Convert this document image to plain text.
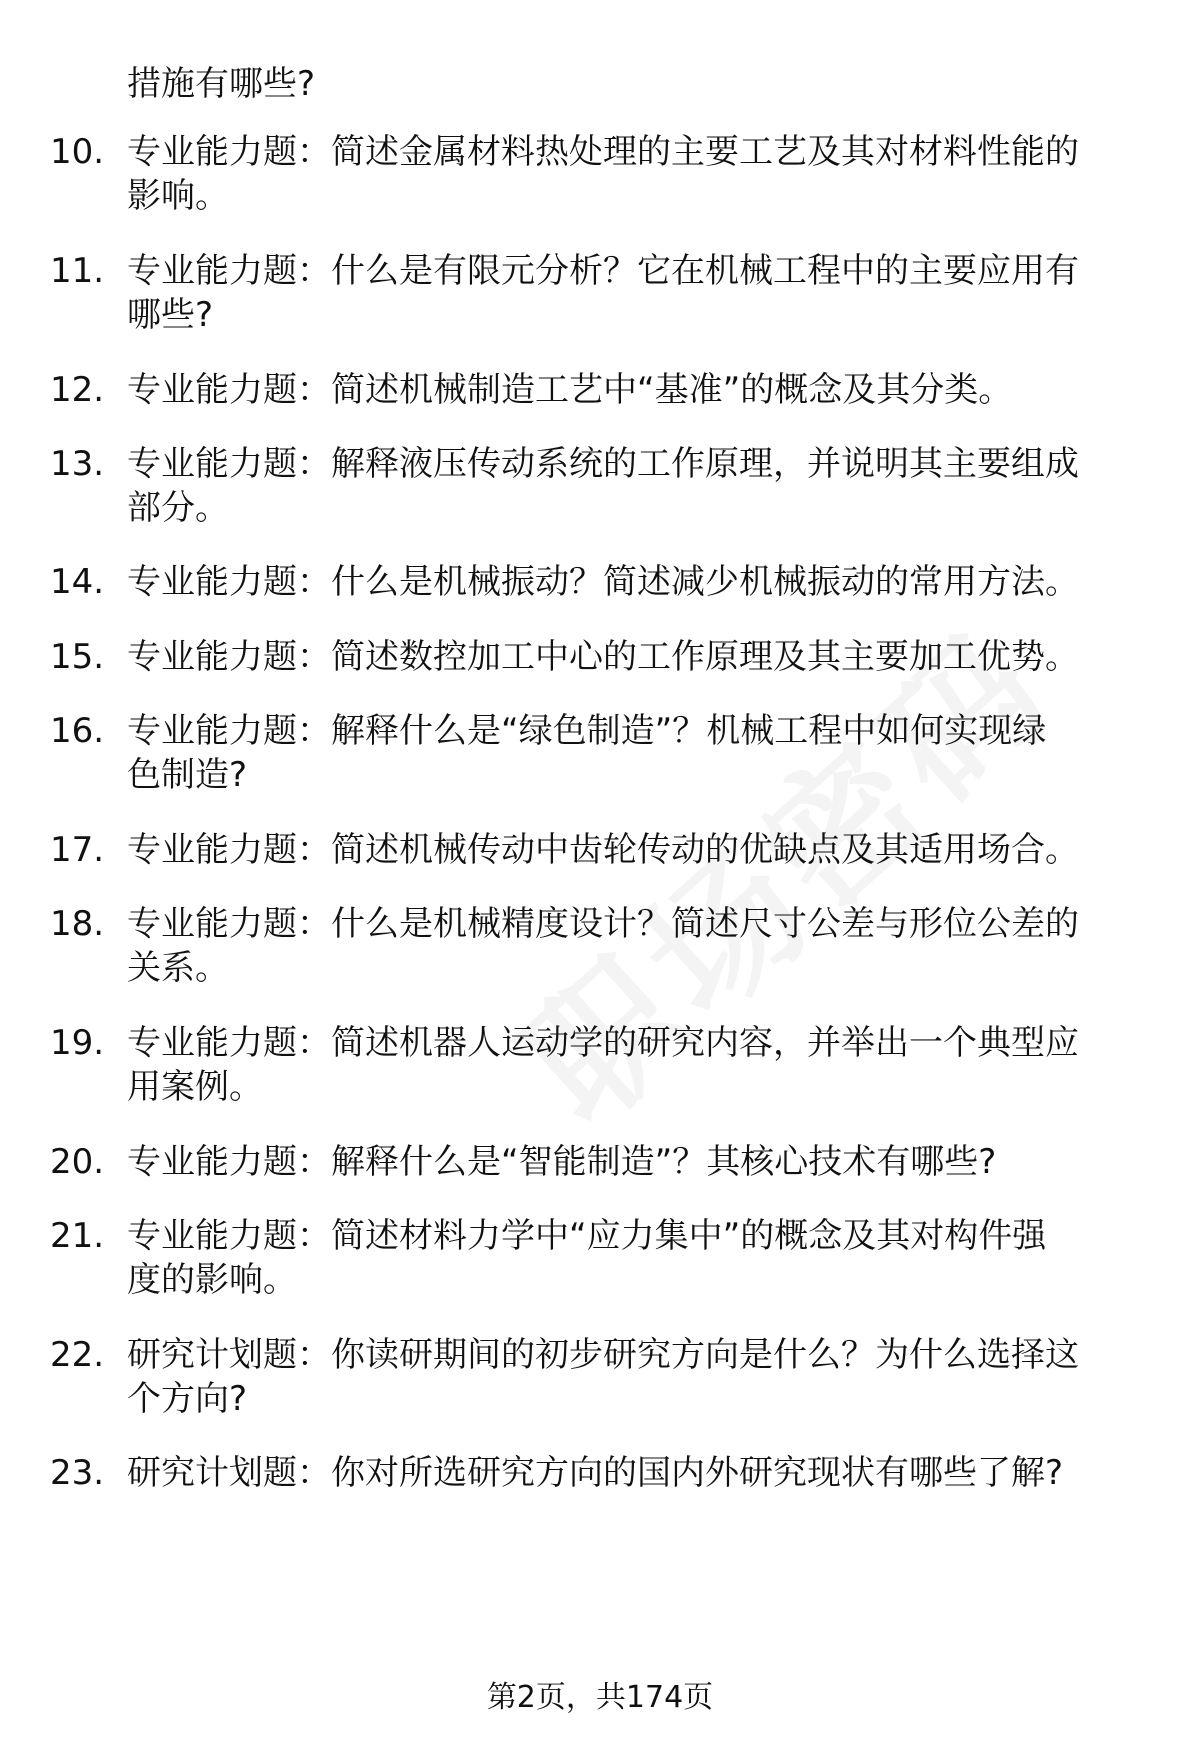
措施有哪些?
10. 专业能力题：简述金属材料热处理的主要工艺及其对材料性能的
影响。
11. 专业能力题：什么是有限元分析？它在机械工程中的主要应用有
哪些?
12. 专业能力题：简述机械制造工艺中“基准”的概念及其分类。
13. 专业能力题：解释液压传动系统的工作原理，并说明其主要组成
部分。
14. 专业能力题：什么是机械振动？简述减少机械振动的常用方法。
15. 专业能力题：简述数控加工中心的工作原理及其主要加工优势。
16. 专业能力题：解释什么是“绿色制造”？机械工程中如何实现绿
色制造?
17. 专业能力题：简述机械传动中齿轮传动的优缺点及其适用场合。
18. 专业能力题：什么是机械精度设计？简述尺寸公差与形位公差的
关系。
19. 专业能力题：简述机器人运动学的研究内容，并举出一个典型应
用案例。
20. 专业能力题：解释什么是“智能制造”？其核心技术有哪些?
21. 专业能力题：简述材料力学中“应力集中”的概念及其对构件强
度的影响。
22. 研究计划题：你读研期间的初步研究方向是什么？为什么选择这
个方向?
23. 研究计划题：你对所选研究方向的国内外研究现状有哪些了解?
第2页，共174页
